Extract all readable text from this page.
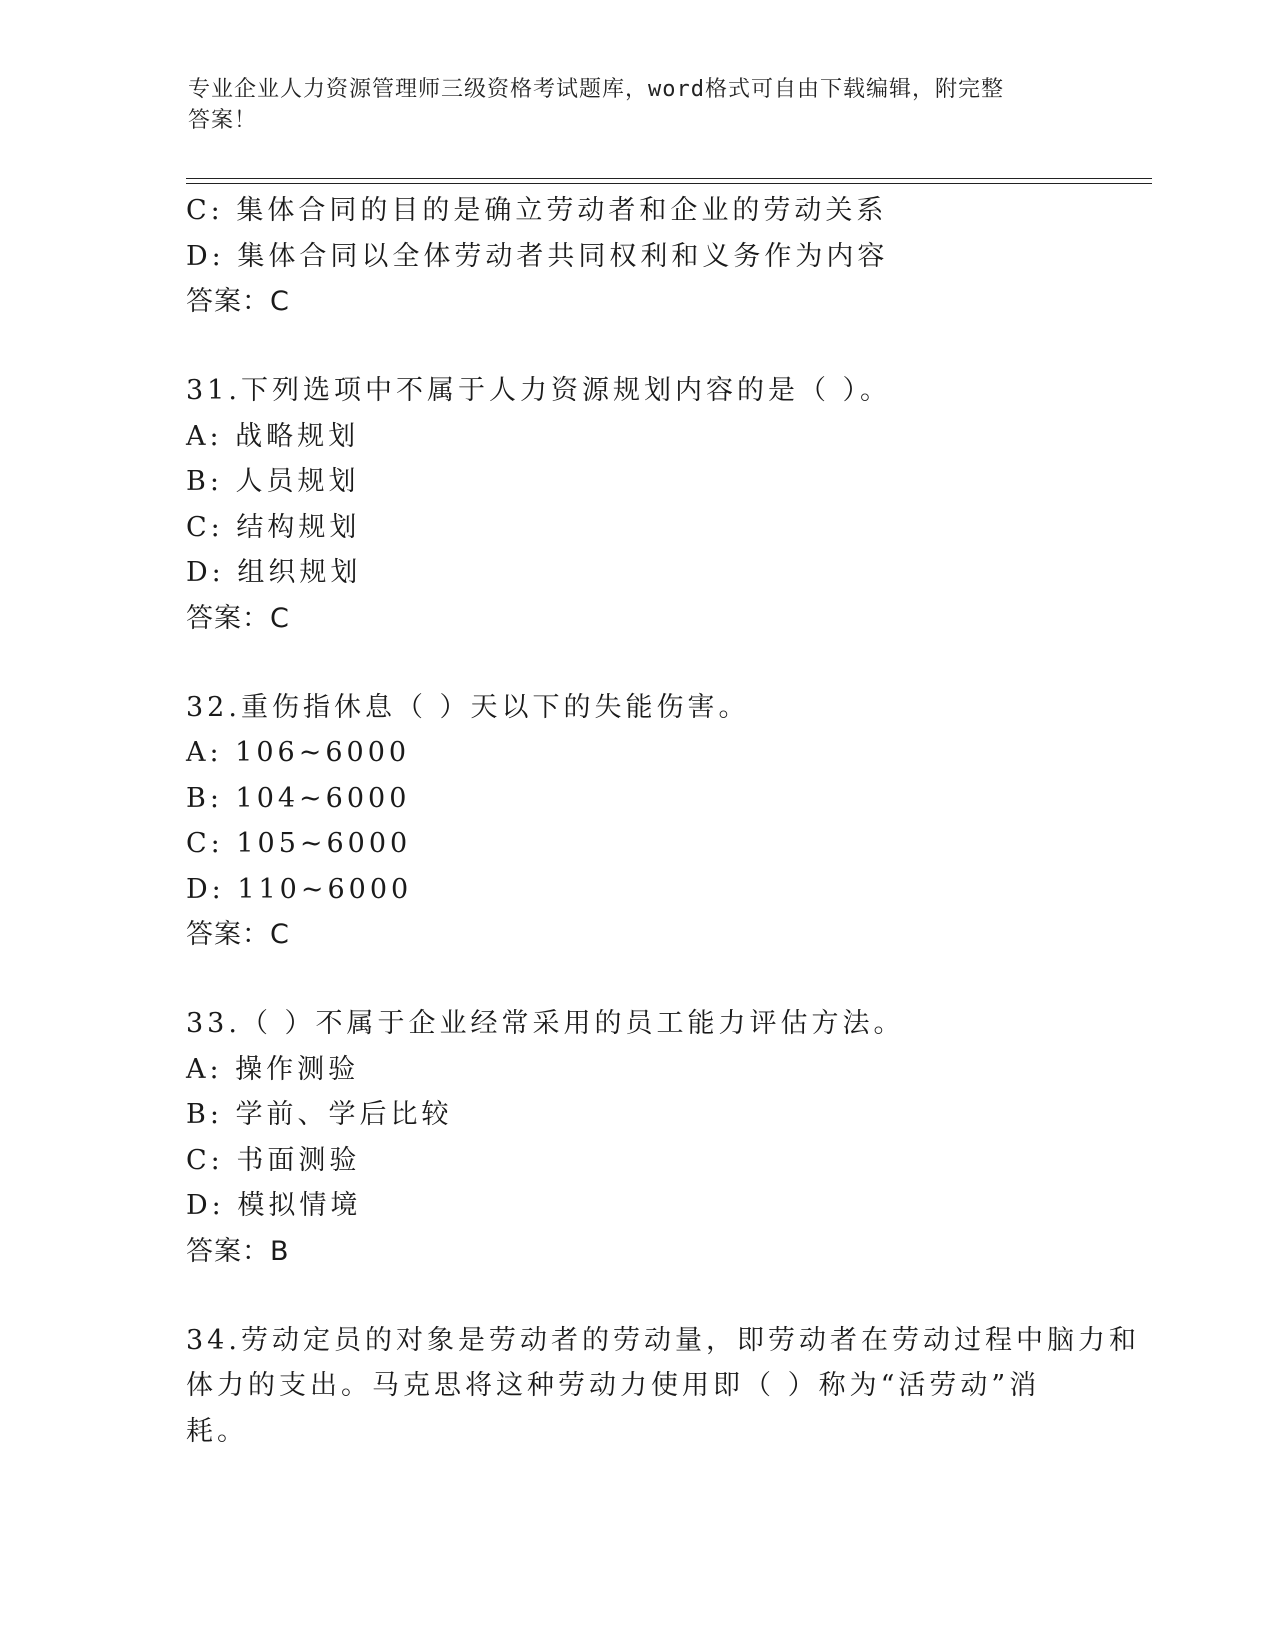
专业企业人力资源管理师三级资格考试题库，word格式可自由下载编辑，附完整
答案！
C: 集体合同的目的是确立劳动者和企业的劳动关系
D: 集体合同以全体劳动者共同权利和义务作为内容
答案：C
31.下列选项中不属于人力资源规划内容的是（ ）。
A: 战略规划
B: 人员规划
C: 结构规划
D: 组织规划
答案：C
32.重伤指休息（ ）天以下的失能伤害。
A: 106~6000
B: 104~6000
C: 105~6000
D: 110~6000
答案：C
33.（ ）不属于企业经常采用的员工能力评估方法。
A: 操作测验
B: 学前、学后比较
C: 书面测验
D: 模拟情境
答案：B
34.劳动定员的对象是劳动者的劳动量，即劳动者在劳动过程中脑力和
体力的支出。马克思将这种劳动力使用即（ ）称为“活劳动”消
耗。
